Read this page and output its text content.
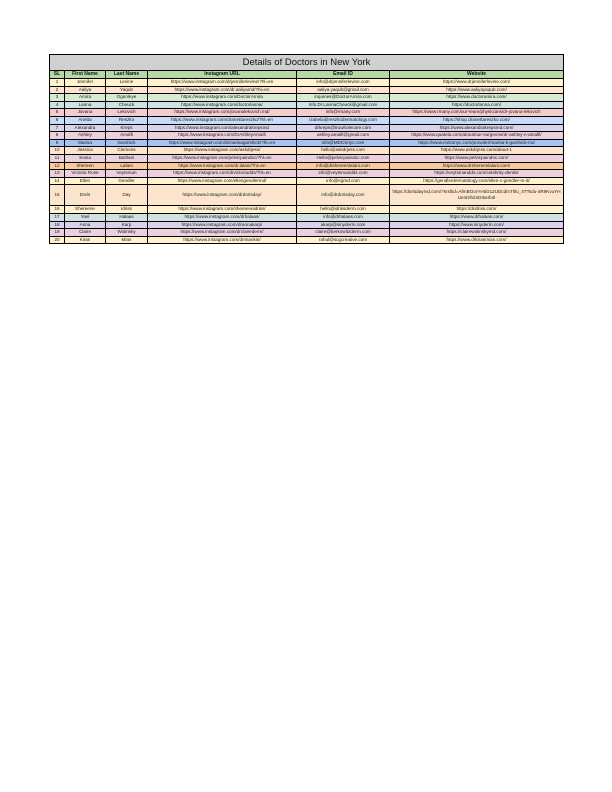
Details of Doctors in New York					
SL	First Name	Last Name	Instagram URL	Email ID	Website
1	Jennifer	Levine	https://www.instagram.com/drjenniferlevine/?hl=en	info@drjenniferlevine.com	https://www.drjenniferlevine.com/
2	Aaliya	Yaqub	https://www.instagram.com/dr.aaliyamd/?hl=en	aaliya.yaqub@gmail.com	https://www.aaliyayaqub.com/
3	Amira	Ogunleye	https://www.instagram.com/DoctorAmira	inquiries@DoctorAmira.com	https://www.doctoramira.com/
4	Lanna	Cheuck	https://www.instagram.com/doctorlanna/	Info.Dr.LannaCheuck@gmail.com	https://doctorlanna.com/
5	Jovana	Lekovich	https://www.instagram.com/jovanalekovich.md/	info@rmany.com	https://www.rmany.com/our-team/physicians/dr-jovana-lekovich
6	Anetta	Reszko	https://www.instagram.com/dranettareszko/?hl=en	izabela@reszkodermatology.com	https://shop.dranettareszko.com/
7	Alexandra	Kreps	https://www.instagram.com/alexandrakrepsmd	drkreps@truwholecare.com	https://www.alexandrakrepsmd.com/
8	Ashley	Amalfi	https://www.instagram.com/DrAshleyAmalfi	ashley.amalfi@gmail.com	https://www.quatela.com/about/our-surgeons/dr-ashley-n-amalfi/
9	Marisa	Garshick	https://www.instagram.com/drmarisagarshick/?hl=en	info@MDCSnyc.com	https://www.mdcsnyc.com/provider/marisa-k-garshick-md
10	Jessica	Clemons	https://www.instagram.com/askdrjess/	hello@askdrjess.com	https://www.askdrjess.com/about-1
11	Sonia	Bahlani	https://www.instagram.com/pelvicpaindoc/?hl=en	Hello@pelvicpaindoc.com	https://www.pelvicpaindoc.com/
12	Shereen	Lalani	https://www.instagram.com/dr.lalani/?hl=en	info@drshereenlalani.com	https://www.drshereenlalani.com/
13	Victoria Rose	Veytsman	https://www.instagram.com/drvictoriadds/?hl=en	info@veytsmandds.com	https://veytsmandds.com/celebrity-dentist
14	Ellen	Gendler	https://www.instagram.com/ellengendlermd/	info@egmd.com	https://gendlerdermatology.com/ellen-c-gendler-m-d/
15	Doris	Day	https://www.instagram.com/drdorisday/	info@drdorisday.com	https://dorisdaymd.com/?srsltid=AfmBOorYHtiO12UDcdmTlIlu_4TTsdu-4R9KvuYHUenDih2nDIserb4l
16	Shereene	Idriss	https://www.instagram.com/shereeneidriss/	hello@idrissderm.com	https://dridriss.com/
17	Yael	Halaas	https://www.instagram.com/drhalaas/	info@drhalaas.com	https://www.drhalaas.com/
18	Anna	Karp	https://www.instagram.com/drannakarp/	akarp@sinyderm.com	https://www.sinyderm.com/
19	Claire	Wolinsky	https://www.instagram.com/drclairederm/	claire@berkowitzderm.com	https://clairewolinskymd.com/
20	Kiran	Mian	https://www.instagram.com/drmiankiri/	rahul@scgcreative.com	https://www.drkiranmian.com/
